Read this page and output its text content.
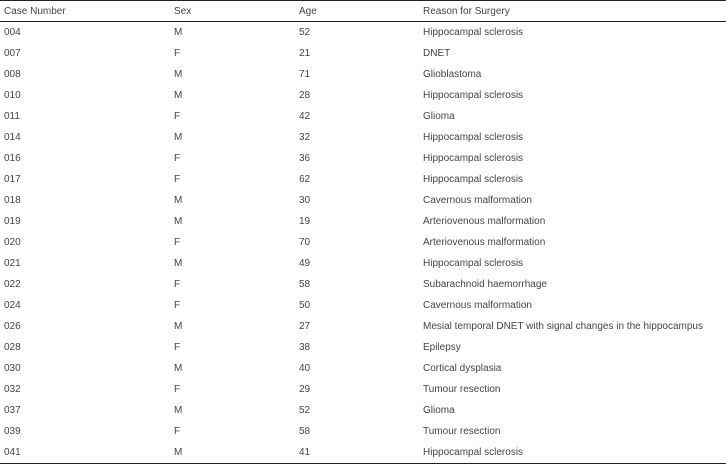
Case Number	Sex	Age	Reason for Surgery
004	M	52	Hippocampal sclerosis
007	F	21	DNET
008	M	71	Glioblastoma
010	M	28	Hippocampal sclerosis
011	F	42	Glioma
014	M	32	Hippocampal sclerosis
016	F	36	Hippocampal sclerosis
017	F	62	Hippocampal sclerosis
018	M	30	Cavernous malformation
019	M	19	Arteriovenous malformation
020	F	70	Arteriovenous malformation
021	M	49	Hippocampal sclerosis
022	F	58	Subarachnoid haemorrhage
024	F	50	Cavernous malformation
026	M	27	Mesial temporal DNET with signal changes in the hippocampus
028	F	38	Epilepsy
030	M	40	Cortical dysplasia
032	F	29	Tumour resection
037	M	52	Glioma
039	F	58	Tumour resection
041	M	41	Hippocampal sclerosis
